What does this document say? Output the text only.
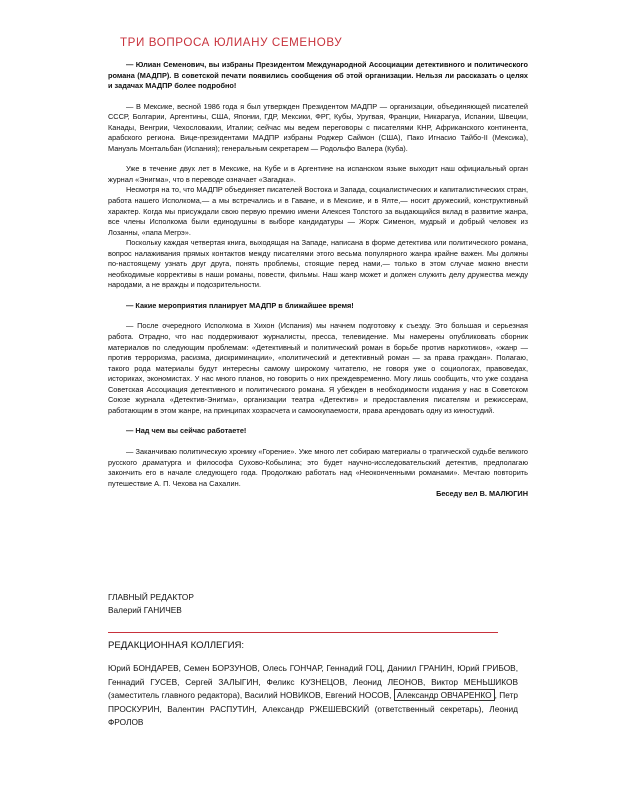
ТРИ ВОПРОСА ЮЛИАНУ СЕМЕНОВУ

— Юлиан Семенович, вы избраны Президентом Международной Ассоциации детективного и политического романа (МАДПР). В советской печати появились сообщения об этой организации. Нельзя ли рассказать о целях и задачах МАДПР более подробно!

— В Мексике, весной 1986 года я был утвержден Президентом МАДПР — организации, объединяющей писателей СССР, Болгарии, Аргентины, США, Японии, ГДР, Мексики, ФРГ, Кубы, Уругвая, Франции, Никарагуа, Испании, Швеции, Канады, Венгрии, Чехословакии, Италии; сейчас мы ведем переговоры с писателями КНР, Африканского континента, арабского региона. Вице-президентами МАДПР избраны Роджер Саймон (США), Пако Игнасио Тайбо-II (Мексика), Мануэль Монтальбан (Испания); генеральным секретарем — Родольфо Валера (Куба).

Уже в течение двух лет в Мексике, на Кубе и в Аргентине на испанском языке выходит наш официальный орган журнал «Энигма», что в переводе означает «Загадка».

Несмотря на то, что МАДПР объединяет писателей Востока и Запада, социалистических и капиталистических стран, работа нашего Исполкома,— а мы встречались и в Гаване, и в Мексике, и в Ялте,— носит дружеский, конструктивный характер. Когда мы присуждали свою первую премию имени Алексея Толстого за выдающийся вклад в развитие жанра, все члены Исполкома были единодушны в выборе кандидатуры — Жорж Сименон, мудрый и добрый человек из Лозанны, «папа Мегрэ».

Поскольку каждая четвертая книга, выходящая на Западе, написана в форме детектива или политического романа, вопрос налаживания прямых контактов между писателями этого весьма популярного жанра крайне важен. Мы должны по-настоящему узнать друг друга, понять проблемы, стоящие перед нами,— только в этом случае можно внести необходимые коррективы в наши романы, повести, фильмы. Наш жанр может и должен служить делу дружества между народами, а не вражды и подозрительности.

— Какие мероприятия планирует МАДПР в ближайшее время!

— После очередного Исполкома в Хихон (Испания) мы начнем подготовку к съезду. Это большая и серьезная работа. Отрадно, что нас поддерживают журналисты, пресса, телевидение. Мы намерены опубликовать сборник материалов по следующим проблемам: «Детективный и политический роман в борьбе против наркотиков», «жанр — против терроризма, расизма, дискриминации», «политический и детективный роман — за права граждан». Полагаю, такого рода материалы будут интересны самому широкому читателю, не говоря уже о социологах, правоведах, историках, экономистах. У нас много планов, но говорить о них преждевременно. Могу лишь сообщить, что уже создана Советская Ассоциация детективного и политического романа. Я убежден в необходимости издания у нас в Советском Союзе журнала «Детектив-Энигма», организации театра «Детектив» и предоставления писателям и режиссерам, работающим в этом жанре, на принципах хозрасчета и самоокупаемости, права арендовать одну из киностудий.

— Над чем вы сейчас работаете!

— Заканчиваю политическую хронику «Горение». Уже много лет собираю материалы о трагической судьбе великого русского драматурга и философа Сухово-Кобылина; это будет научно-исследовательский детектив, предполагаю закончить его в начале следующего года. Продолжаю работать над «Неоконченными романами». Мечтаю повторить путешествие А. П. Чехова на Сахалин.

Беседу вел В. МАЛЮГИН

ГЛАВНЫЙ РЕДАКТОР
Валерий ГАНИЧЕВ
РЕДАКЦИОННАЯ КОЛЛЕГИЯ:
Юрий БОНДАРЕВ, Семен БОРЗУНОВ, Олесь ГОНЧАР, Геннадий ГОЦ, Даниил ГРАНИН, Юрий ГРИБОВ, Геннадий ГУСЕВ, Сергей ЗАЛЫГИН, Феликс КУЗНЕЦОВ, Леонид ЛЕОНОВ, Виктор МЕНЬШИКОВ (заместитель главного редактора), Василий НОВИКОВ, Евгений НОСОВ, Александр ОВЧАРЕНКО , Петр ПРОСКУРИН, Валентин РАСПУТИН, Александр РЖЕШЕВСКИЙ (ответственный секретарь), Леонид ФРОЛОВ
